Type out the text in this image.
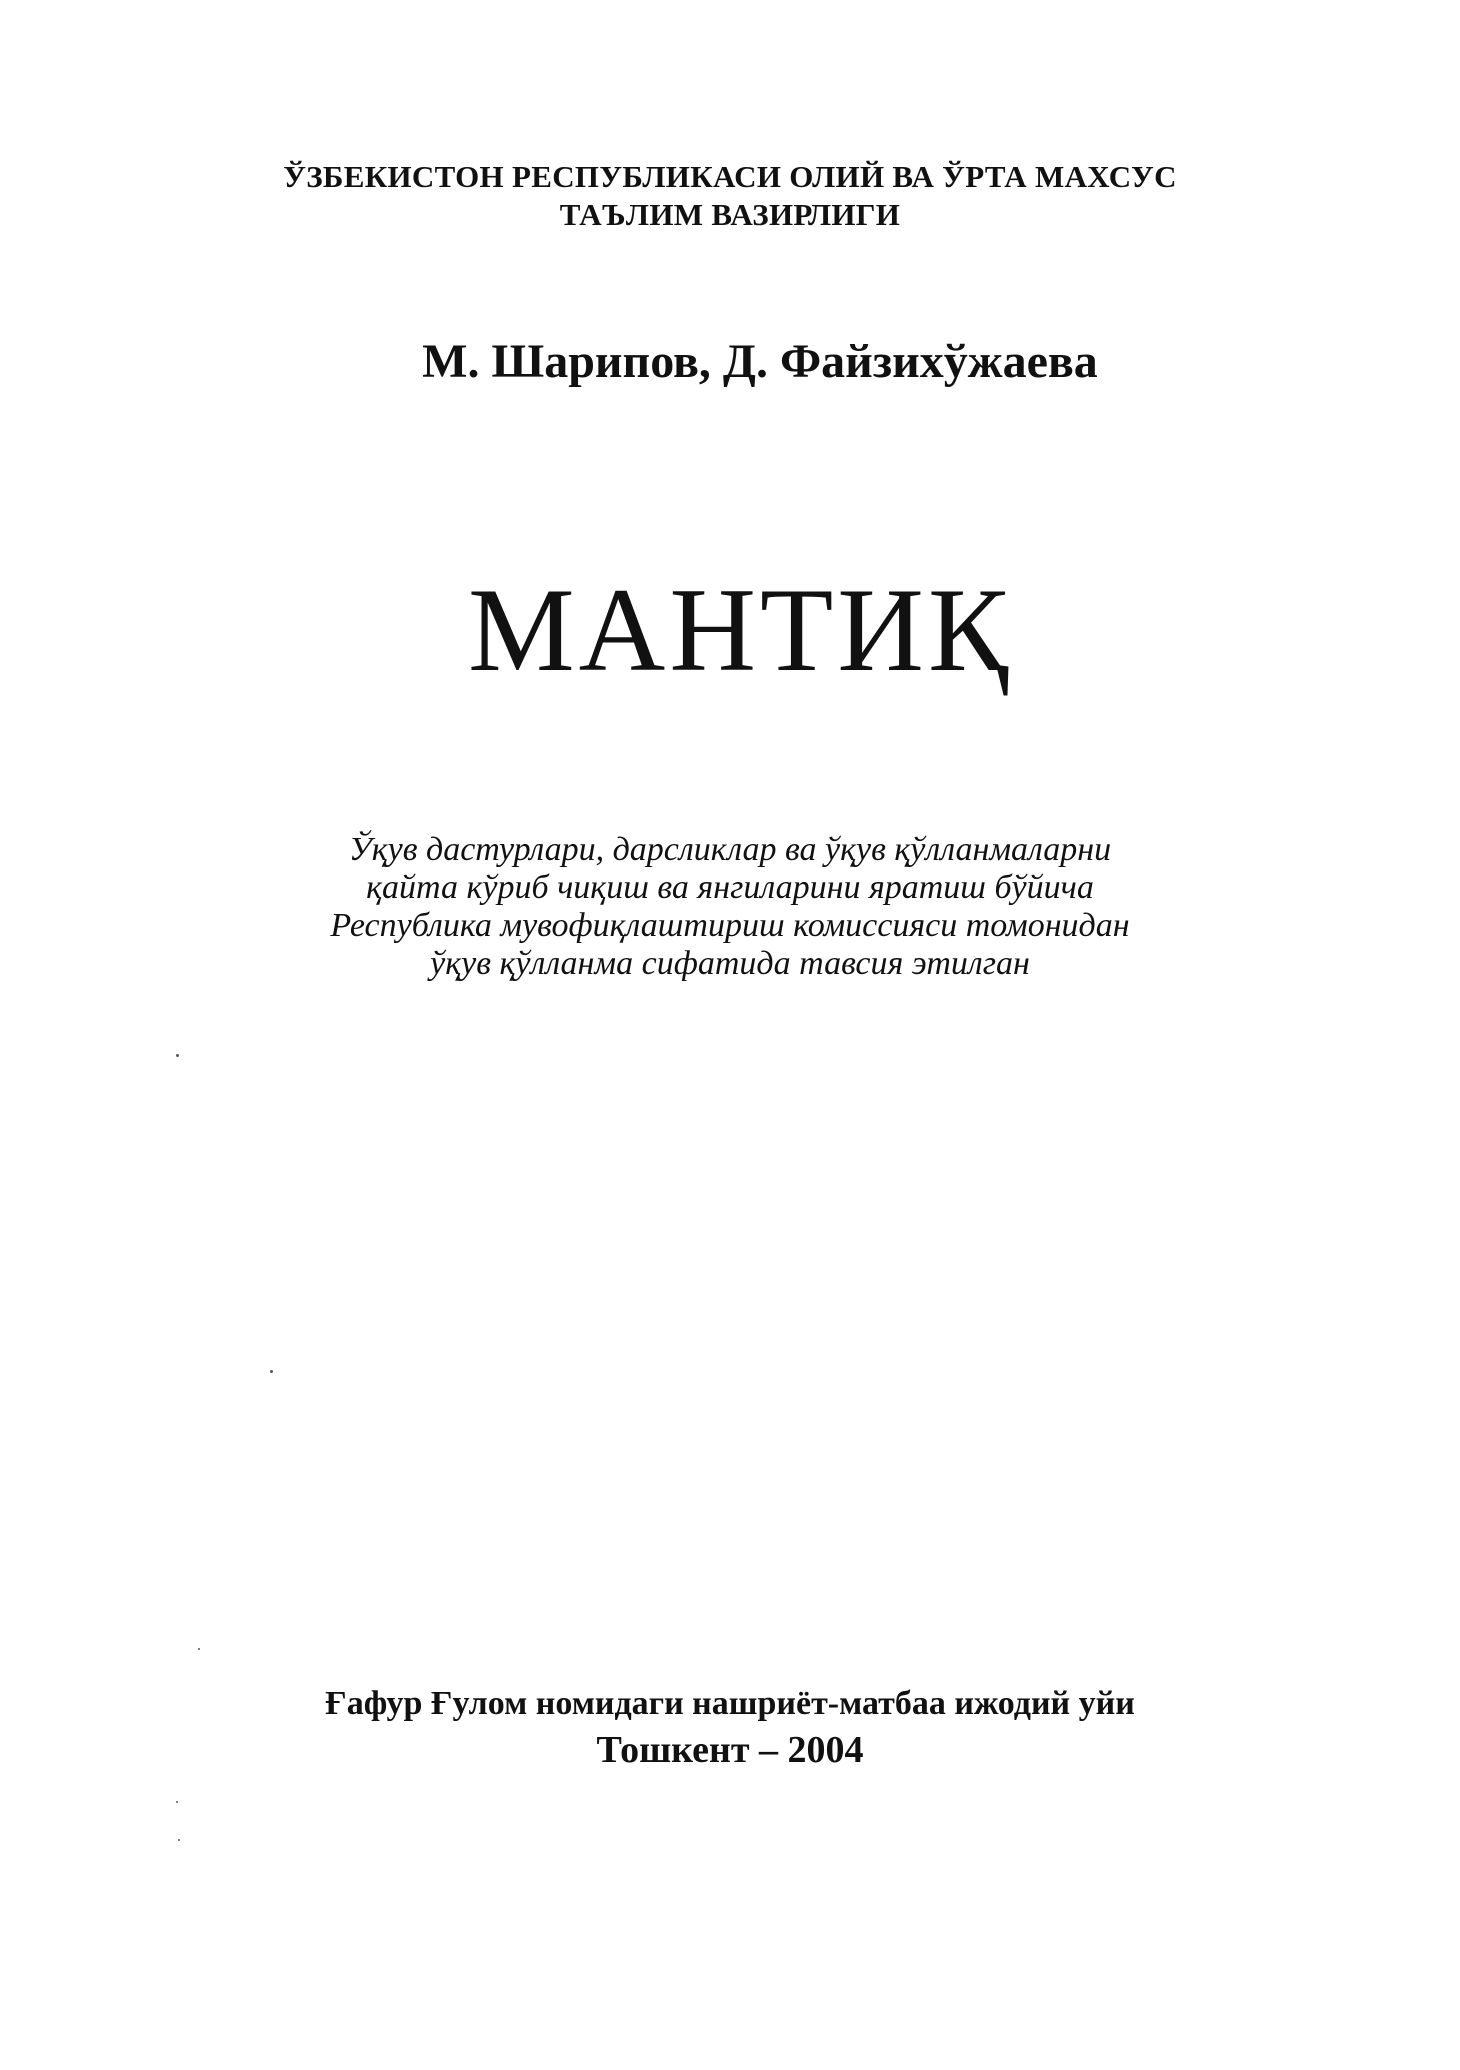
ЎЗБЕКИСТОН РЕСПУБЛИКАСИ ОЛИЙ ВА ЎРТА МАХСУС
ТАЪЛИМ ВАЗИРЛИГИ
М. Шарипов, Д. Файзихўжаева
МАНТИҚ
Ўқув дастурлари, дарсликлар ва ўқув қўлланмаларни
қайта кўриб чиқиш ва янгиларини яратиш бўйича
Республика мувофиқлаштириш комиссияси томонидан
ўқув қўлланма сифатида тавсия этилган
Ғафур Ғулом номидаги нашриёт-матбаа ижодий уйи
Тошкент – 2004
